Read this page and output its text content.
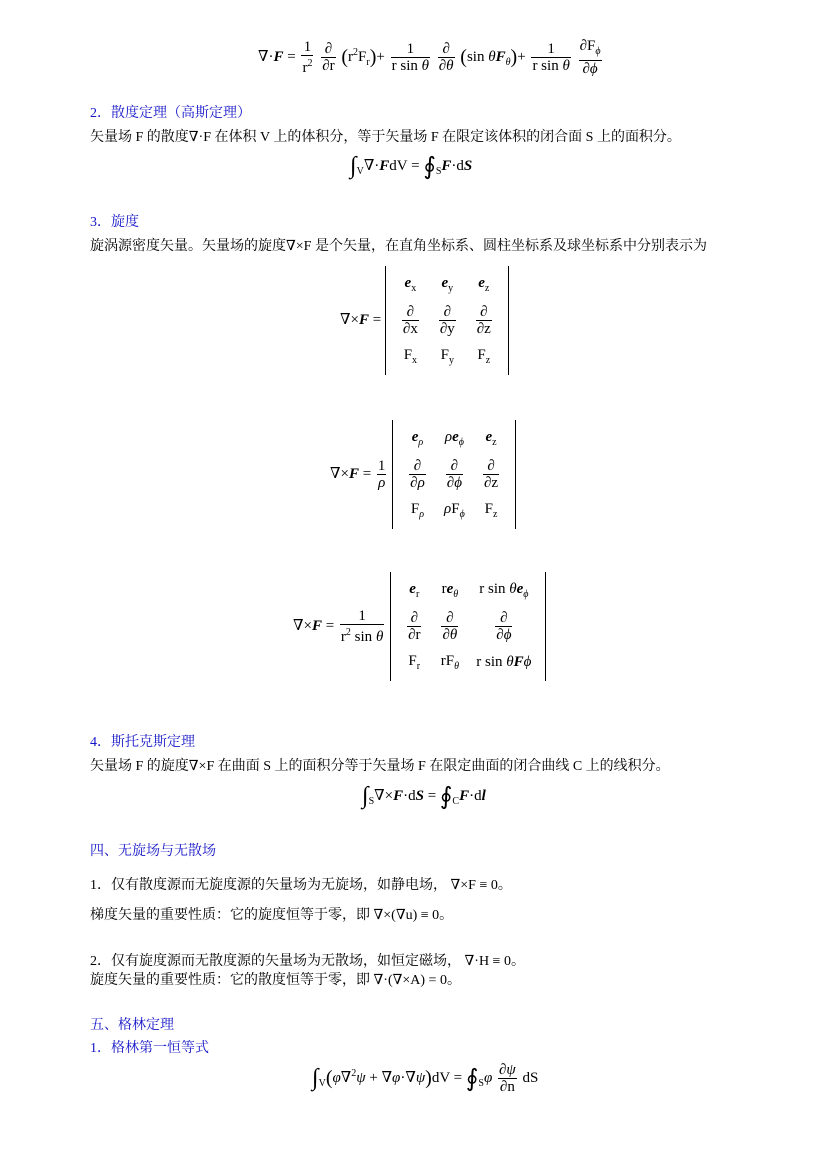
$\nabla\cdot F = \frac{1}{r^2}$
$\frac{\partial}{\partial r} (r^2F_r)+ \frac{1}{\text{r sin θ}}$
$\frac{\partial}{\partial\theta} (\sin$ $\theta F_\theta)+ \frac{1}{\text{r sin θ}}$
$\frac{\partial F_\phi}{\partial\phi}$
2．散度定理（高斯定理）
矢量场 F 的散度∇·F 在体积 V 上的体积分，等于矢量场 F 在限定该体积的闭合面 S 上的面积分。
$\int_V\nabla\cdot FdV$ = $∮_SF\cdot dS$
3．旋度
旋涡源密度矢量。矢量场的旋度∇×F 是个矢量，在直角坐标系、圆柱坐标系及球坐标系中分别表示为
∇×F =
$e_x$	$e_y$	$e_z$

$\frac{\partial}{\partial x}$	$\frac{\partial}{\partial y}$	$\frac{\partial}{\partial z}$

$F_x$	$F_y$	$F_z$
$\nabla\times F = \frac{1}{\rho}$

$e_\rho$	$\rho e_\phi$	$e_z$

$\frac{\partial}{\partial\rho}$	$\frac{\partial}{\partial\phi}$	$\frac{\partial}{\partial z}$

$F_\rho$	$\rho F_\phi$	$F_z$
$\nabla\times F = \frac{1}{r^2 \sin \theta}$

$e_r$	$re_\theta$	r $\sin \theta e_\phi$

$\frac{\partial}{\partial r}$	$\frac{\partial}{\partial\theta}$	$\frac{\partial}{\partial\phi}$

$F_r$	$rF_\theta$	r sin θFϕ
4．斯托克斯定理
矢量场 F 的旋度∇×F 在曲面 S 上的面积分等于矢量场 F 在限定曲面的闭合曲线 C 上的线积分。
$\int_S\nabla\times F\cdot dS$ = $∮_CF\cdot dl$
四、无旋场与无散场
1．仅有散度源而无旋度源的矢量场为无旋场，如静电场， ∇×F ≡ 0。
梯度矢量的重要性质：它的旋度恒等于零，即 ∇×(∇u) ≡ 0。
2．仅有旋度源而无散度源的矢量场为无散场，如恒定磁场， ∇·H ≡ 0。
旋度矢量的重要性质：它的散度恒等于零，即 ∇·(∇×A) = 0。
五、格林定理
1．格林第一恒等式
$\int_V(\varphi\nabla^2\psi + \nabla\varphi\cdot\nabla\psi)dV$ = $∮_S\varphi \frac{\partial\psi}{\partial n}$ dS
